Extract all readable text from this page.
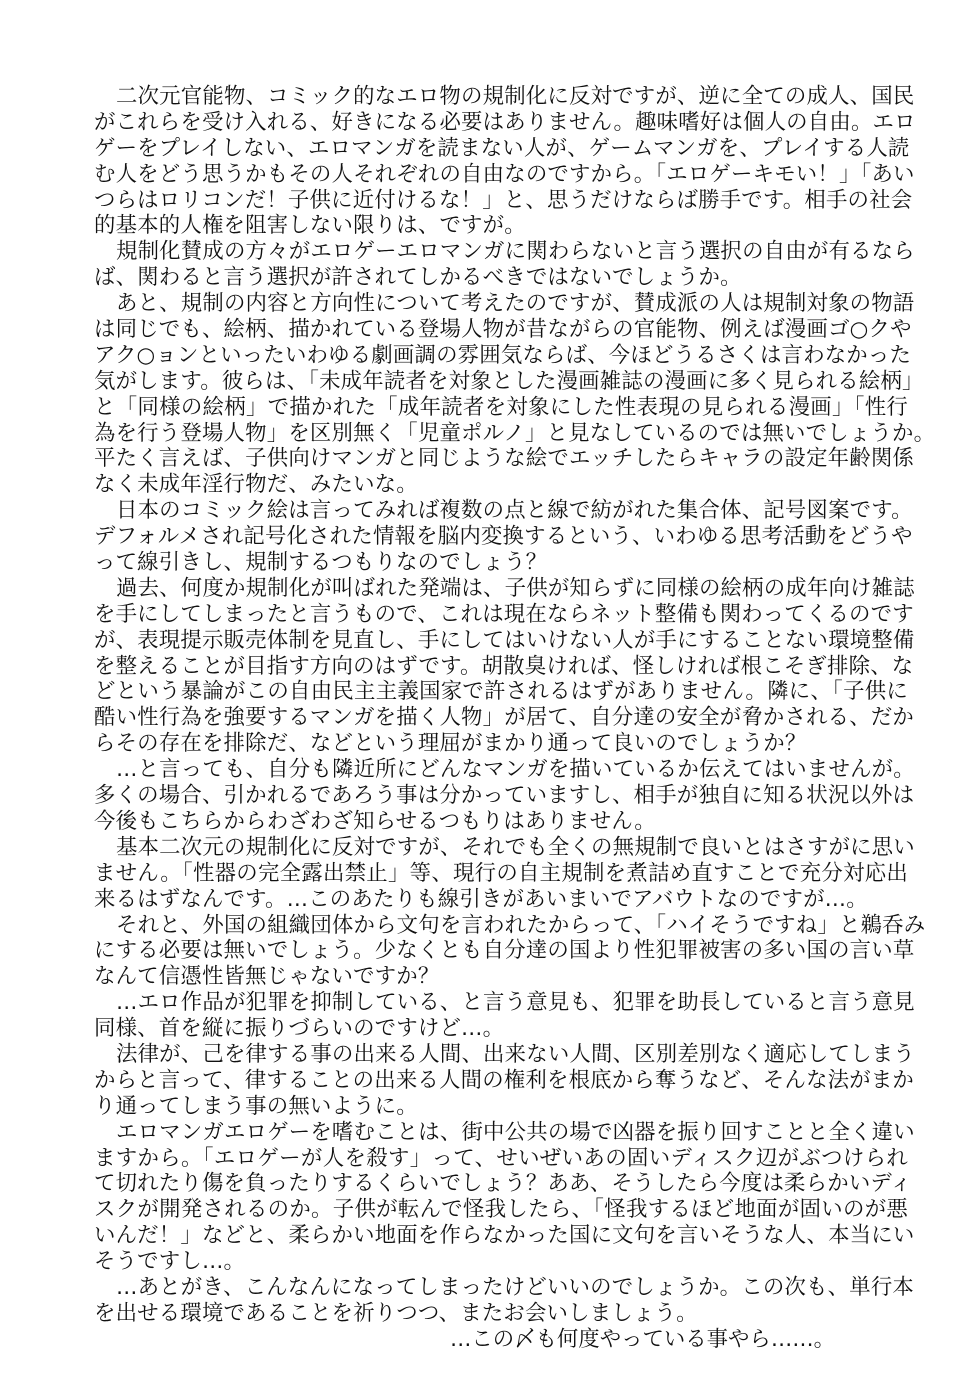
二次元官能物、コミック的なエロ物の規制化に反対ですが、逆に全ての成人、国民
がこれらを受け入れる、好きになる必要はありません。趣味嗜好は個人の自由。エロ
ゲーをプレイしない、エロマンガを読まない人が、ゲームマンガを、プレイする人読
む人をどう思うかもその人それぞれの自由なのですから。「エロゲーキモい！」「あい
つらはロリコンだ！子供に近付けるな！」と、思うだけならば勝手です。相手の社会
的基本的人権を阻害しない限りは、ですが。
規制化賛成の方々がエロゲーエロマンガに関わらないと言う選択の自由が有るなら
ば、関わると言う選択が許されてしかるべきではないでしょうか。
あと、規制の内容と方向性について考えたのですが、賛成派の人は規制対象の物語
は同じでも、絵柄、描かれている登場人物が昔ながらの官能物、例えば漫画ゴ○クや
アク○ョンといったいわゆる劇画調の雰囲気ならば、今ほどうるさくは言わなかった
気がします。彼らは、「未成年読者を対象とした漫画雑誌の漫画に多く見られる絵柄」
と「同様の絵柄」で描かれた「成年読者を対象にした性表現の見られる漫画」「性行
為を行う登場人物」を区別無く「児童ポルノ」と見なしているのでは無いでしょうか。
平たく言えば、子供向けマンガと同じような絵でエッチしたらキャラの設定年齢関係
なく未成年淫行物だ、みたいな。
日本のコミック絵は言ってみれば複数の点と線で紡がれた集合体、記号図案です。
デフォルメされ記号化された情報を脳内変換するという、いわゆる思考活動をどうや
って線引きし、規制するつもりなのでしょう？
過去、何度か規制化が叫ばれた発端は、子供が知らずに同様の絵柄の成年向け雑誌
を手にしてしまったと言うもので、これは現在ならネット整備も関わってくるのです
が、表現提示販売体制を見直し、手にしてはいけない人が手にすることない環境整備
を整えることが目指す方向のはずです。胡散臭ければ、怪しければ根こそぎ排除、な
どという暴論がこの自由民主主義国家で許されるはずがありません。隣に、「子供に
酷い性行為を強要するマンガを描く人物」が居て、自分達の安全が脅かされる、だか
らその存在を排除だ、などという理屈がまかり通って良いのでしょうか？
…と言っても、自分も隣近所にどんなマンガを描いているか伝えてはいませんが。
多くの場合、引かれるであろう事は分かっていますし、相手が独自に知る状況以外は
今後もこちらからわざわざ知らせるつもりはありません。
基本二次元の規制化に反対ですが、それでも全くの無規制で良いとはさすがに思い
ません。「性器の完全露出禁止」等、現行の自主規制を煮詰め直すことで充分対応出
来るはずなんです。…このあたりも線引きがあいまいでアバウトなのですが…。
それと、外国の組織団体から文句を言われたからって、「ハイそうですね」と鵜呑み
にする必要は無いでしょう。少なくとも自分達の国より性犯罪被害の多い国の言い草
なんて信憑性皆無じゃないですか？
…エロ作品が犯罪を抑制している、と言う意見も、犯罪を助長していると言う意見
同様、首を縦に振りづらいのですけど…。
法律が、己を律する事の出来る人間、出来ない人間、区別差別なく適応してしまう
からと言って、律することの出来る人間の権利を根底から奪うなど、そんな法がまか
り通ってしまう事の無いように。
エロマンガエロゲーを嗜むことは、街中公共の場で凶器を振り回すことと全く違い
ますから。「エロゲーが人を殺す」って、せいぜいあの固いディスク辺がぶつけられ
て切れたり傷を負ったりするくらいでしょう？ああ、そうしたら今度は柔らかいディ
スクが開発されるのか。子供が転んで怪我したら、「怪我するほど地面が固いのが悪
いんだ！」などと、柔らかい地面を作らなかった国に文句を言いそうな人、本当にい
そうですし…。
…あとがき、こんなんになってしまったけどいいのでしょうか。この次も、単行本
を出せる環境であることを祈りつつ、またお会いしましょう。
…この〆も何度やっている事やら……。
